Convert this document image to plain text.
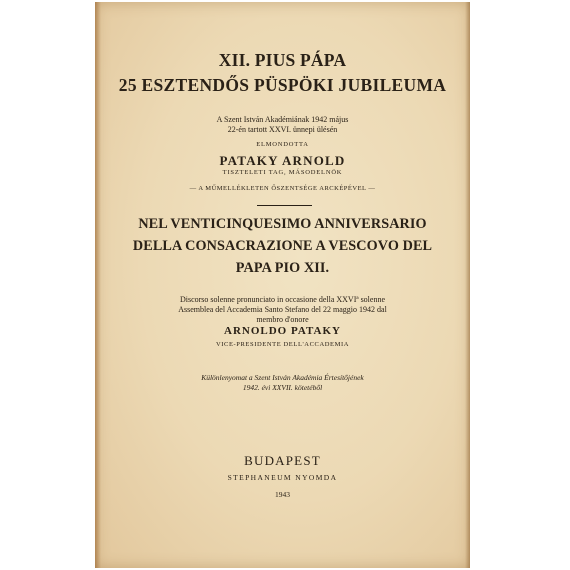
XII. PIUS PÁPA
25 ESZTENDŐS PÜSPÖKI JUBILEUMA
A Szent István Akadémiának 1942 május
22-én tartott XXVI. ünnepi ülésén
ELMONDOTTA
PATAKY ARNOLD
TISZTELETI TAG, MÁSODELNÖK
— A MŰMELLÉKLETEN ŐSZENTSÉGE ARCKÉPÉVEL —
NEL VENTICINQUESIMO ANNIVERSARIO
DELLA CONSACRAZIONE A VESCOVO DEL
PAPA PIO XII.
Discorso solenne pronunciato in occasione della XXVIª solenne
Assemblea del Accademia Santo Stefano del 22 maggio 1942 dal
membro d'onore
ARNOLDO PATAKY
VICE-PRESIDENTE DELL'ACCADEMIA
Különlenyomat a Szent István Akadémia Értesítőjének
1942. évi XXVII. kötetéből
BUDAPEST
STEPHANEUM NYOMDA
1943
